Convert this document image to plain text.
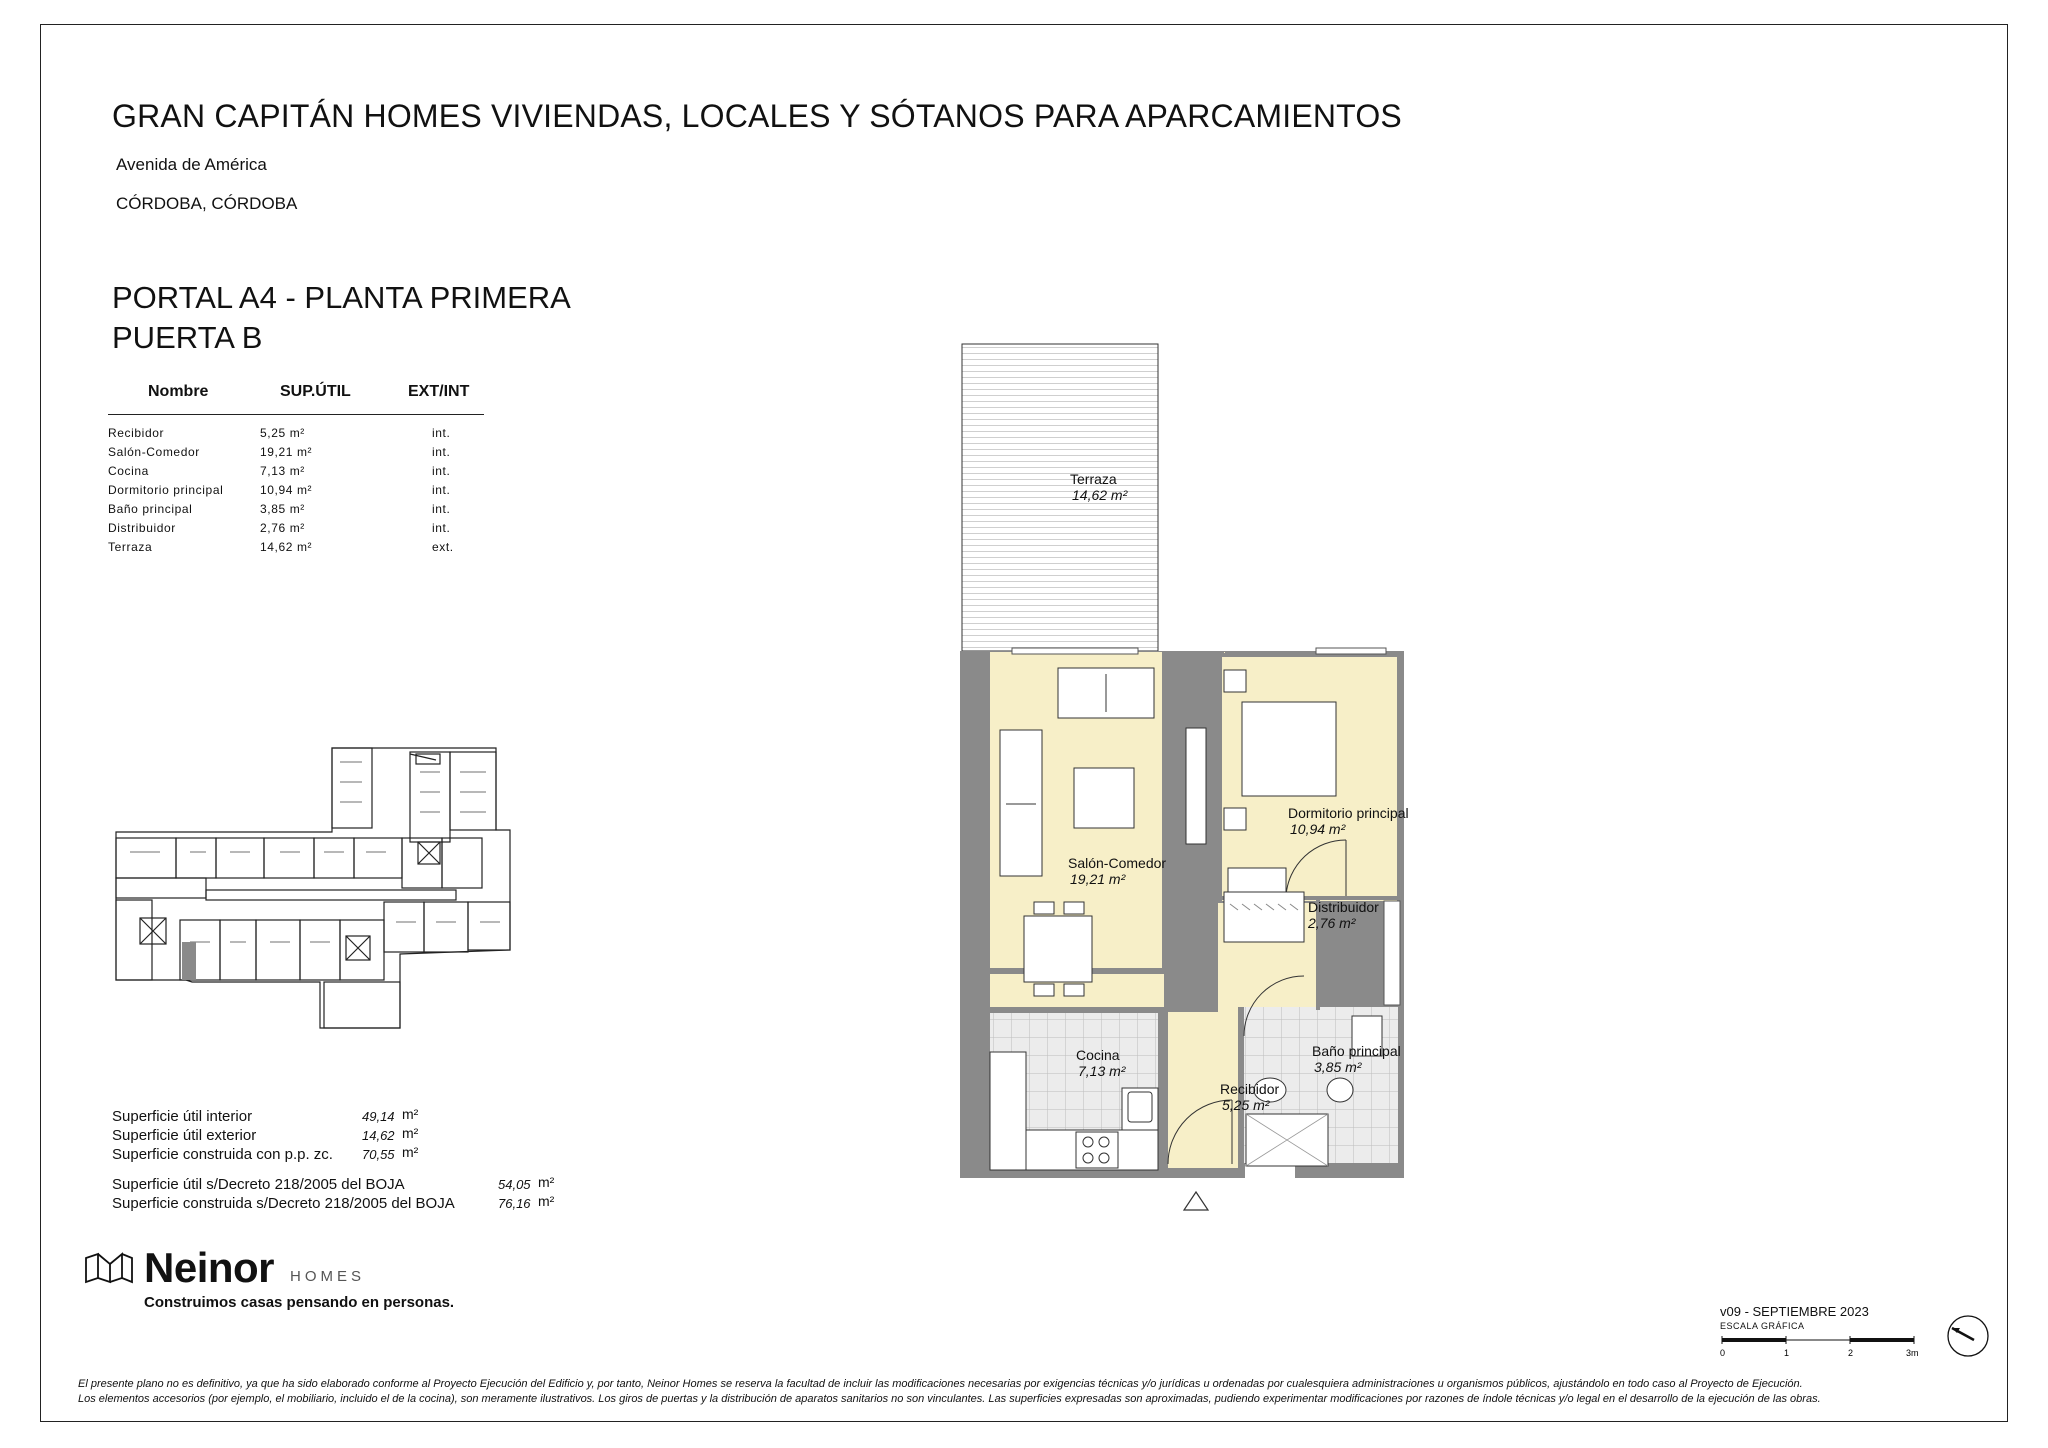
GRAN CAPITÁN HOMES VIVIENDAS, LOCALES Y SÓTANOS PARA APARCAMIENTOS
Avenida de América
CÓRDOBA, CÓRDOBA
PORTAL A4 - PLANTA PRIMERA
PUERTA B
Nombre	SUP.ÚTIL	EXT/INT
Recibidor	5,25 m²	int.
Salón-Comedor	19,21 m²	int.
Cocina	7,13 m²	int.
Dormitorio principal	10,94 m²	int.
Baño principal	3,85 m²	int.
Distribuidor	2,76 m²	int.
Terraza	14,62 m²	ext.
Terraza
14,62 m²
Salón-Comedor
19,21 m²
Dormitorio principal
10,94 m²
Distribuidor
2,76 m²
Cocina
7,13 m²
Recibidor
5,25 m²
Baño principal
3,85 m²
Superficie útil interior	49,14 m²
Superficie útil exterior	14,62 m²
Superficie construida con p.p. zc. 70,55 m²
Superficie útil s/Decreto 218/2005 del BOJA	54,05 m²
Superficie construida s/Decreto 218/2005 del BOJA	76,16 m²
Neinor HOMES
Construimos casas pensando en personas.
v09 - SEPTIEMBRE 2023
ESCALA GRÁFICA
0	1	2	3m
El presente plano no es definitivo, ya que ha sido elaborado conforme al Proyecto Ejecución del Edificio y, por tanto, Neinor Homes se reserva la facultad de incluir las modificaciones necesarias por exigencias técnicas y/o jurídicas u ordenadas por cualesquiera administraciones u organismos públicos, ajustándolo en todo caso al Proyecto de Ejecución.
Los elementos accesorios (por ejemplo, el mobiliario, incluido el de la cocina), son meramente ilustrativos. Los giros de puertas y la distribución de aparatos sanitarios no son vinculantes. Las superficies expresadas son aproximadas, pudiendo experimentar modificaciones por razones de índole técnicas y/o legal en el desarrollo de la ejecución de las obras.
